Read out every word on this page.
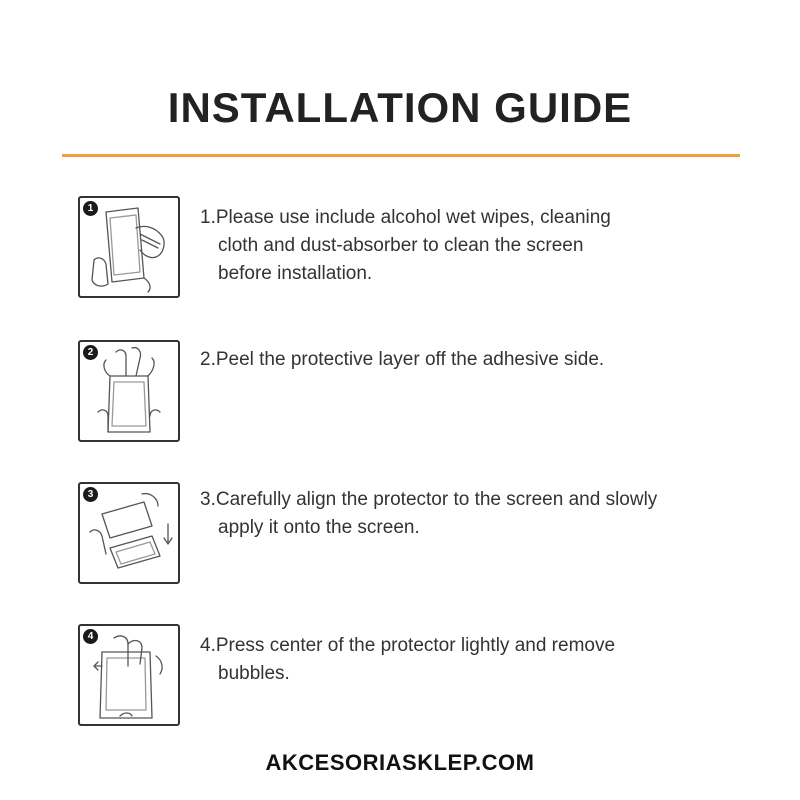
INSTALLATION GUIDE
1	1.Please use include alcohol wet wipes, cleaning
cloth and dust-absorber to clean the screen
before installation.
2	2.Peel the protective layer off the adhesive side.
3	3.Carefully align the protector to the screen and slowly
apply it onto the screen.
4	4.Press center of the protector lightly and remove
bubbles.
AKCESORIASKLEP.COM
